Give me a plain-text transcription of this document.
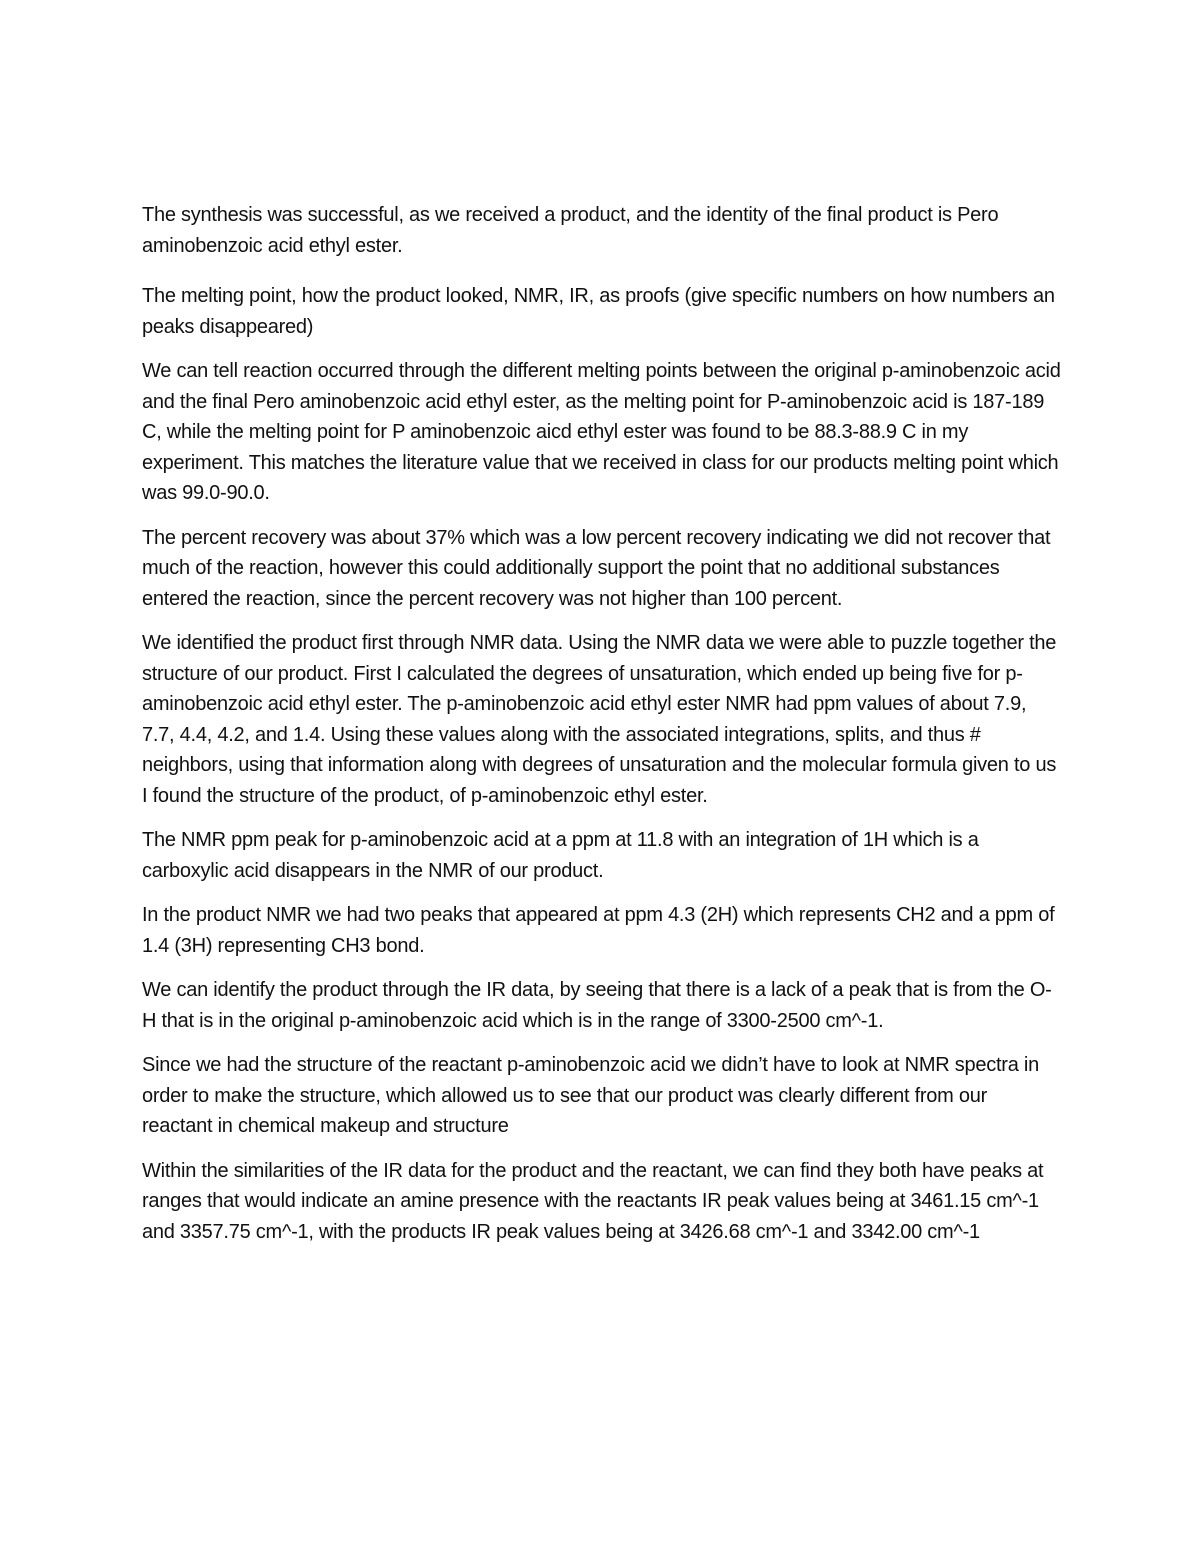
The synthesis was successful, as we received a product, and the identity of the final product is Pero aminobenzoic acid ethyl ester.

The melting point, how the product looked, NMR, IR, as proofs (give specific numbers on how numbers an peaks disappeared)

We can tell reaction occurred through the different melting points between the original p-aminobenzoic acid and the final Pero aminobenzoic acid ethyl ester, as the melting point for P-aminobenzoic acid is 187-189 C, while the melting point for P aminobenzoic aicd ethyl ester was found to be 88.3-88.9 C in my experiment. This matches the literature value that we received in class for our products melting point which was 99.0-90.0.

The percent recovery was about 37% which was a low percent recovery indicating we did not recover that much of the reaction, however this could additionally support the point that no additional substances entered the reaction, since the percent recovery was not higher than 100 percent.

We identified the product first through NMR data. Using the NMR data we were able to puzzle together the structure of our product. First I calculated the degrees of unsaturation, which ended up being five for p-aminobenzoic acid ethyl ester. The p-aminobenzoic acid ethyl ester NMR had ppm values of about 7.9, 7.7, 4.4, 4.2, and 1.4. Using these values along with the associated integrations, splits, and thus # neighbors, using that information along with degrees of unsaturation and the molecular formula given to us I found the structure of the product, of p-aminobenzoic ethyl ester.

The NMR ppm peak for p-aminobenzoic acid at a ppm at 11.8 with an integration of 1H which is a carboxylic acid disappears in the NMR of our product.

In the product NMR we had two peaks that appeared at ppm 4.3 (2H) which represents CH2 and a ppm of 1.4 (3H) representing CH3 bond.

We can identify the product through the IR data, by seeing that there is a lack of a peak that is from the O-H that is in the original p-aminobenzoic acid which is in the range of 3300-2500 cm^-1.

Since we had the structure of the reactant p-aminobenzoic acid we didn’t have to look at NMR spectra in order to make the structure, which allowed us to see that our product was clearly different from our reactant in chemical makeup and structure

Within the similarities of the IR data for the product and the reactant, we can find they both have peaks at ranges that would indicate an amine presence with the reactants IR peak values being at 3461.15 cm^-1 and 3357.75 cm^-1, with the products IR peak values being at 3426.68 cm^-1 and 3342.00 cm^-1
